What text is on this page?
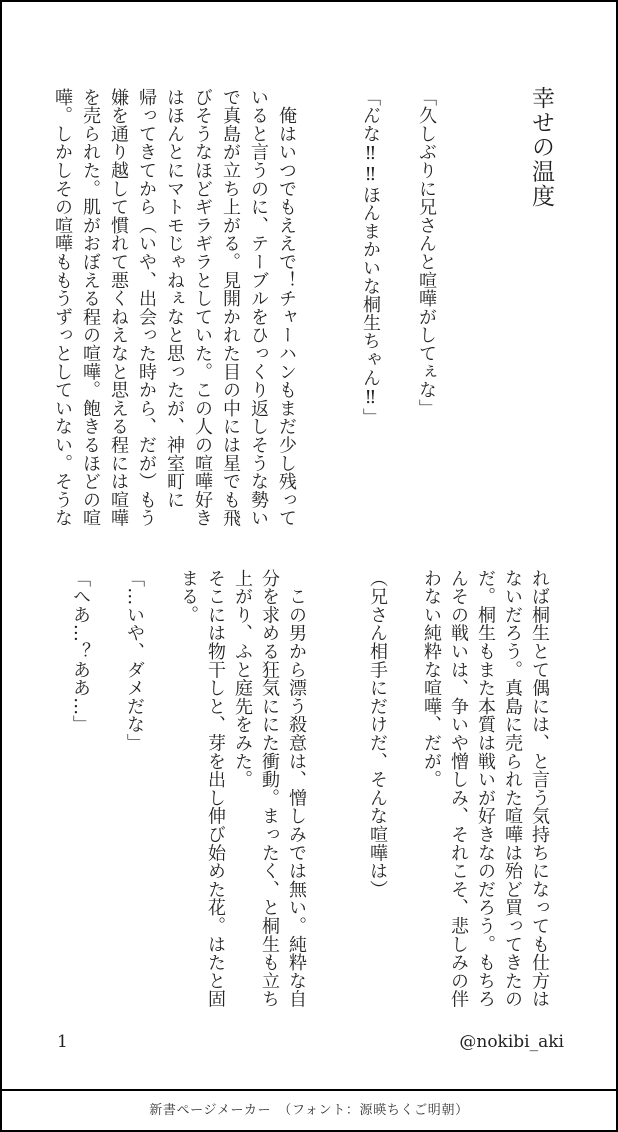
幸せの温度
「久しぶりに兄さんと喧嘩がしてぇな」

「ん゙な‼‼ほんまかいな桐生ちゃん‼」

　俺はいつでもええで！チャーハンもまだ少し残って
いると言うのに、テーブルをひっくり返しそうな勢い
で真島が立ち上がる。見開かれた目の中には星でも飛
びそうなほどギラギラとしていた。この人の喧嘩好き
はほんとにマトモじゃねぇなと思ったが、神室町に
帰ってきてから（いや、出会った時から、だが）もう
嫌を通り越して慣れて悪くねえなと思える程には喧嘩
を売られた。肌がおぼえる程の喧嘩。飽きるほどの喧
嘩。しかしその喧嘩ももうずっとしていない。そうな
れば桐生とて偶には、と言う気持ちになっても仕方は
ないだろう。真島に売られた喧嘩は殆ど買ってきたの
だ。桐生もまた本質は戦いが好きなのだろう。もちろ
んその戦いは、争いや憎しみ、それこそ、悲しみの伴
わない純粋な喧嘩、だが。

（兄さん相手にだけだ、そんな喧嘩は）

　この男から漂う殺意は、憎しみでは無い。純粋な自
分を求める狂気ににた衝動。まったく、と桐生も立ち
上がり、ふと庭先をみた。
そこには物干しと、芽を出し伸び始めた花。はたと固
まる。

「…いや、ダメだな」

「へあ…？ああ…」
1	@nokibi_aki
新書ページメーカー　（フォント：源暎ちくご明朝）
